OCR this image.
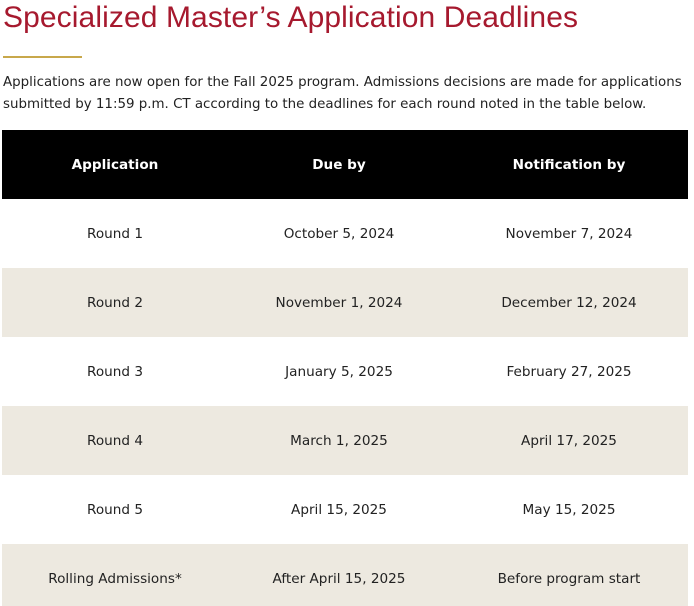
Specialized Master’s Application Deadlines

Applications are now open for the Fall 2025 program. Admissions decisions are made for applications submitted by 11:59 p.m. CT according to the deadlines for each round noted in the table below.

Application	Due by	Notification by
Round 1	October 5, 2024	November 7, 2024
Round 2	November 1, 2024	December 12, 2024
Round 3	January 5, 2025	February 27, 2025
Round 4	March 1, 2025	April 17, 2025
Round 5	April 15, 2025	May 15, 2025
Rolling Admissions*	After April 15, 2025	Before program start
